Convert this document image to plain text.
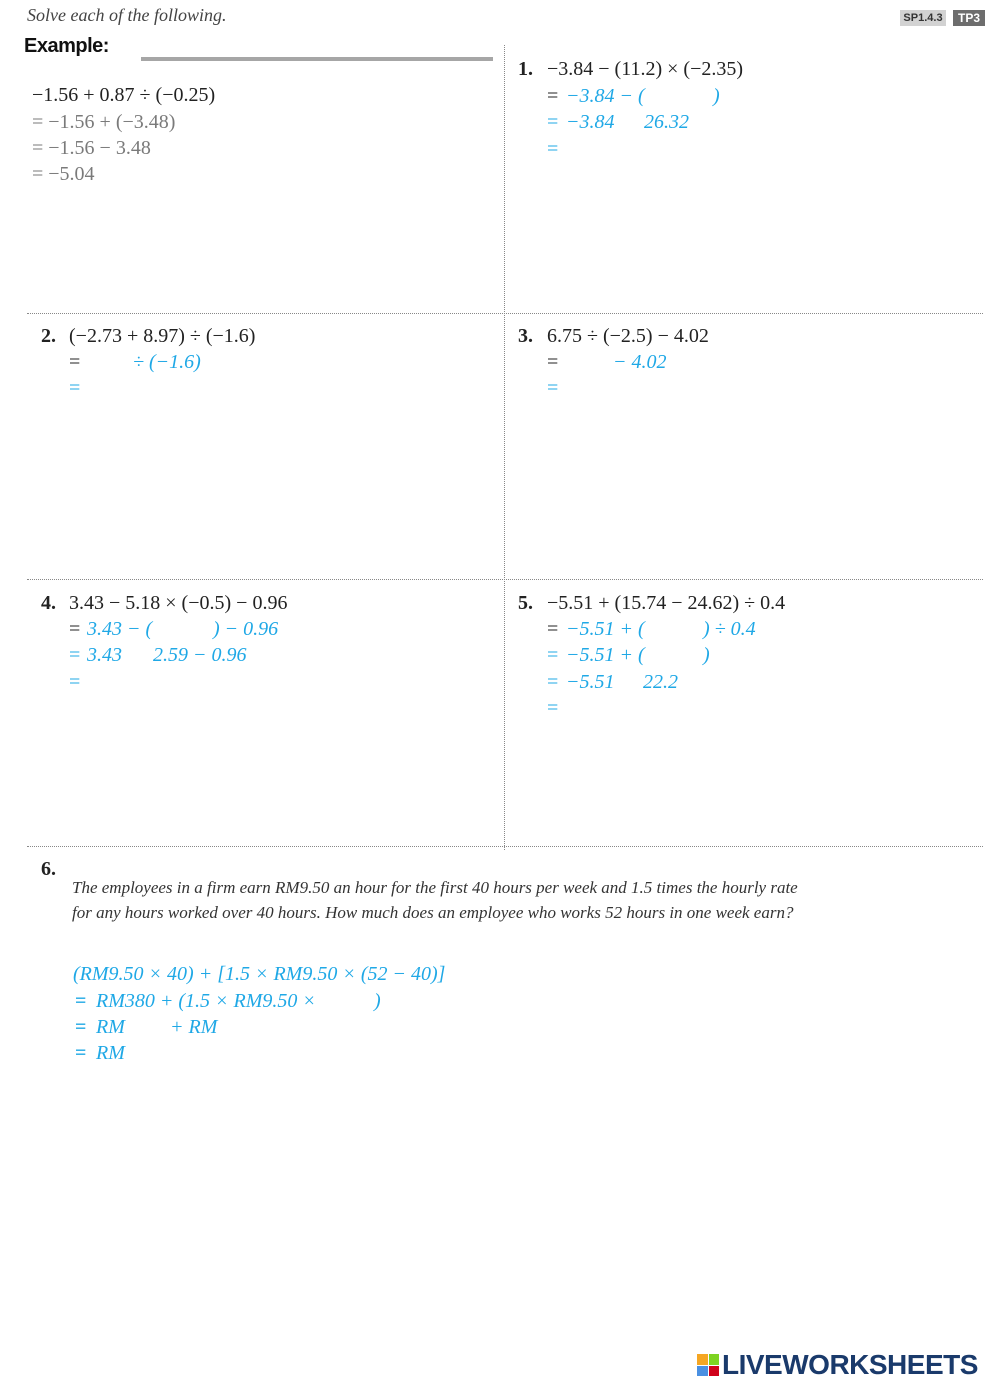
Solve each of the following.	SP1.4.3	TP3
Example:
−1.56 + 0.87 ÷ (−0.25)
= −1.56 + (−3.48)
= −1.56 − 3.48
= −5.04
1. −3.84 − (11.2) × (−2.35)
= −3.84 − (	)
= −3.84 26.32
=
2. (−2.73 + 8.97) ÷ (−1.6)
=	÷ (−1.6)
=
3. 6.75 ÷ (−2.5) − 4.02
=	− 4.02
=
4. 3.43 − 5.18 × (−0.5) − 0.96
= 3.43 − (	) − 0.96
= 3.43 2.59 − 0.96
=
5. −5.51 + (15.74 − 24.62) ÷ 0.4
= −5.51 + (	) ÷ 0.4
= −5.51 + (	)
= −5.51 22.2
=
6.
The employees in a firm earn RM9.50 an hour for the first 40 hours per week and 1.5 times the hourly rate
for any hours worked over 40 hours. How much does an employee who works 52 hours in one week earn?
(RM9.50 × 40) + [1.5 × RM9.50 × (52 − 40)]
= RM380 + (1.5 × RM9.50 ×	)
= RM + RM
= RM
LIVEWORKSHEETS
